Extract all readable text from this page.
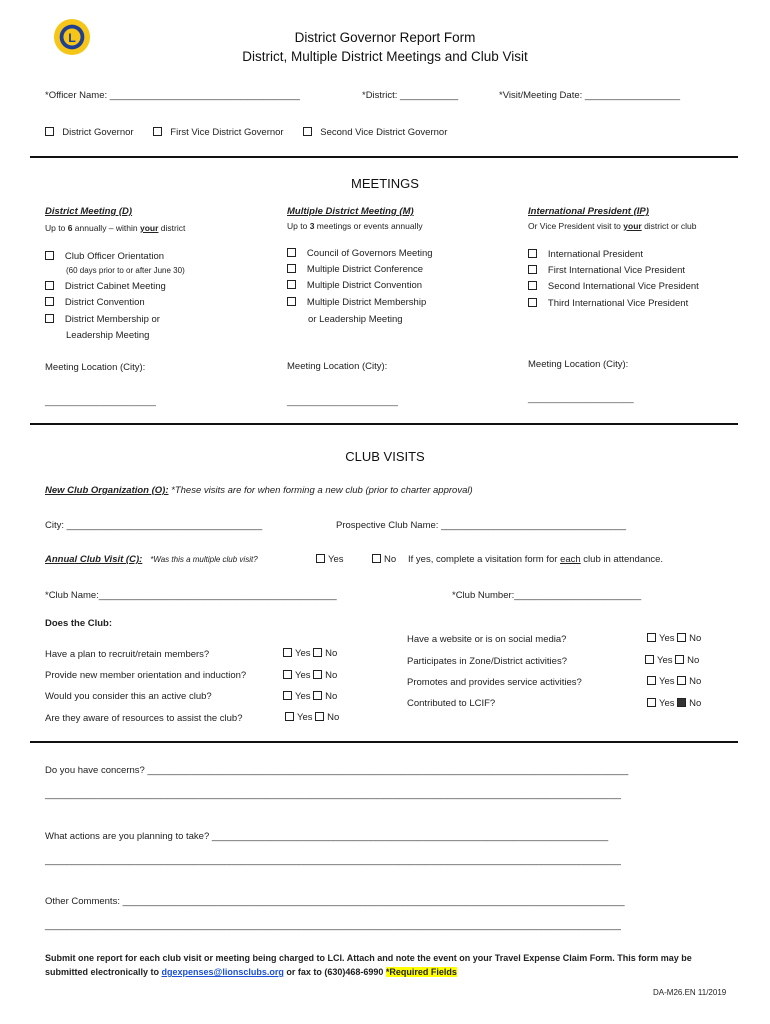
L	District Governor Report Form
District, Multiple District Meetings and Club Visit
*Officer Name: ____________________________________	*District: ___________	*Visit/Meeting Date: __________________
District Governor	First Vice District Governor	Second Vice District Governor
MEETINGS
District Meeting (D)
Up to 6 annually – within your district
Club Officer Orientation
(60 days prior to or after June 30)
District Cabinet Meeting
District Convention
District Membership or
Leadership Meeting
Meeting Location (City):
_____________________
Multiple District Meeting (M)
Up to 3 meetings or events annually
Council of Governors Meeting
Multiple District Conference
Multiple District Convention
Multiple District Membership
or Leadership Meeting
Meeting Location (City):
_____________________
International President (IP)
Or Vice President visit to your district or club
International President
First International Vice President
Second International Vice President
Third International Vice President
Meeting Location (City):
____________________
CLUB VISITS
New Club Organization (O): *These visits are for when forming a new club (prior to charter approval)
City: _____________________________________	Prospective Club Name: ___________________________________
Annual Club Visit (C): *Was this a multiple club visit?	Yes	No If yes, complete a visitation form for each club in attendance.
*Club Name:_____________________________________________	*Club Number:________________________
Does the Club:
Have a plan to recruit/retain members?	Yes No
Provide new member orientation and induction?	Yes No
Would you consider this an active club?	Yes No
Are they aware of resources to assist the club?	Yes No
Have a website or is on social media?	Yes No
Participates in Zone/District activities?	Yes No
Promotes and provides service activities?	Yes No
Contributed to LCIF?	Yes No
Do you have concerns? ___________________________________________________________________________________________
_____________________________________________________________________________________________________________
What actions are you planning to take? ___________________________________________________________________________
_____________________________________________________________________________________________________________
Other Comments: _______________________________________________________________________________________________
_____________________________________________________________________________________________________________
Submit one report for each club visit or meeting being charged to LCI. Attach and note the event on your Travel Expense Claim Form. This form may be submitted electronically to dgexpenses@lionsclubs.org or fax to (630)468-6990 *Required Fields
DA-M26.EN 11/2019
